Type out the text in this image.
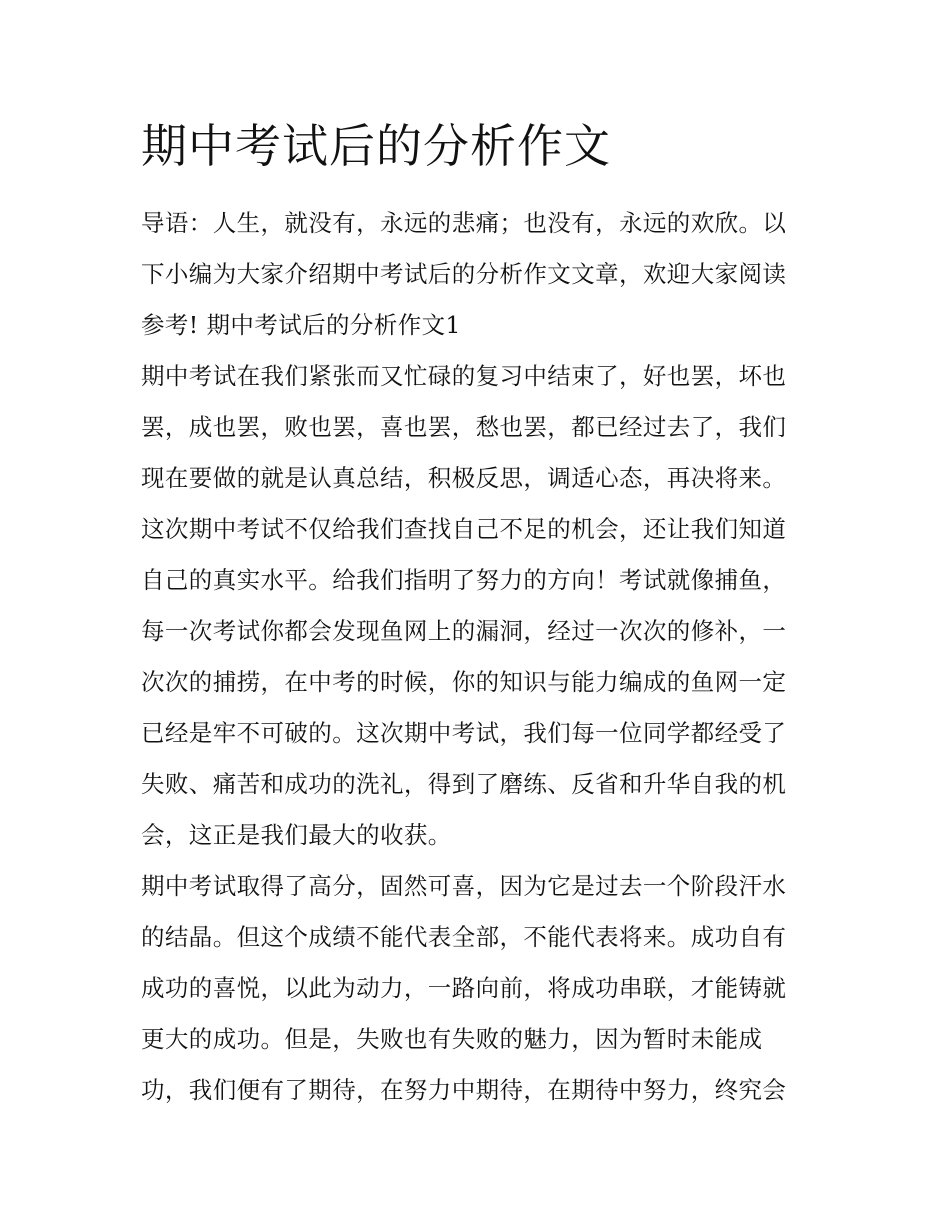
期中考试后的分析作文
导语：人生，就没有，永远的悲痛；也没有，永远的欢欣。以
下小编为大家介绍期中考试后的分析作文文章，欢迎大家阅读
参考! 期中考试后的分析作文1
期中考试在我们紧张而又忙碌的复习中结束了，好也罢，坏也
罢，成也罢，败也罢，喜也罢，愁也罢，都已经过去了，我们
现在要做的就是认真总结，积极反思，调适心态，再决将来。
这次期中考试不仅给我们查找自己不足的机会，还让我们知道
自己的真实水平。给我们指明了努力的方向！考试就像捕鱼，
每一次考试你都会发现鱼网上的漏洞，经过一次次的修补，一
次次的捕捞，在中考的时候，你的知识与能力编成的鱼网一定
已经是牢不可破的。这次期中考试，我们每一位同学都经受了
失败、痛苦和成功的洗礼，得到了磨练、反省和升华自我的机
会，这正是我们最大的收获。
期中考试取得了高分，固然可喜，因为它是过去一个阶段汗水
的结晶。但这个成绩不能代表全部，不能代表将来。成功自有
成功的喜悦，以此为动力，一路向前，将成功串联，才能铸就
更大的成功。但是，失败也有失败的魅力，因为暂时未能成
功，我们便有了期待，在努力中期待，在期待中努力，终究会
